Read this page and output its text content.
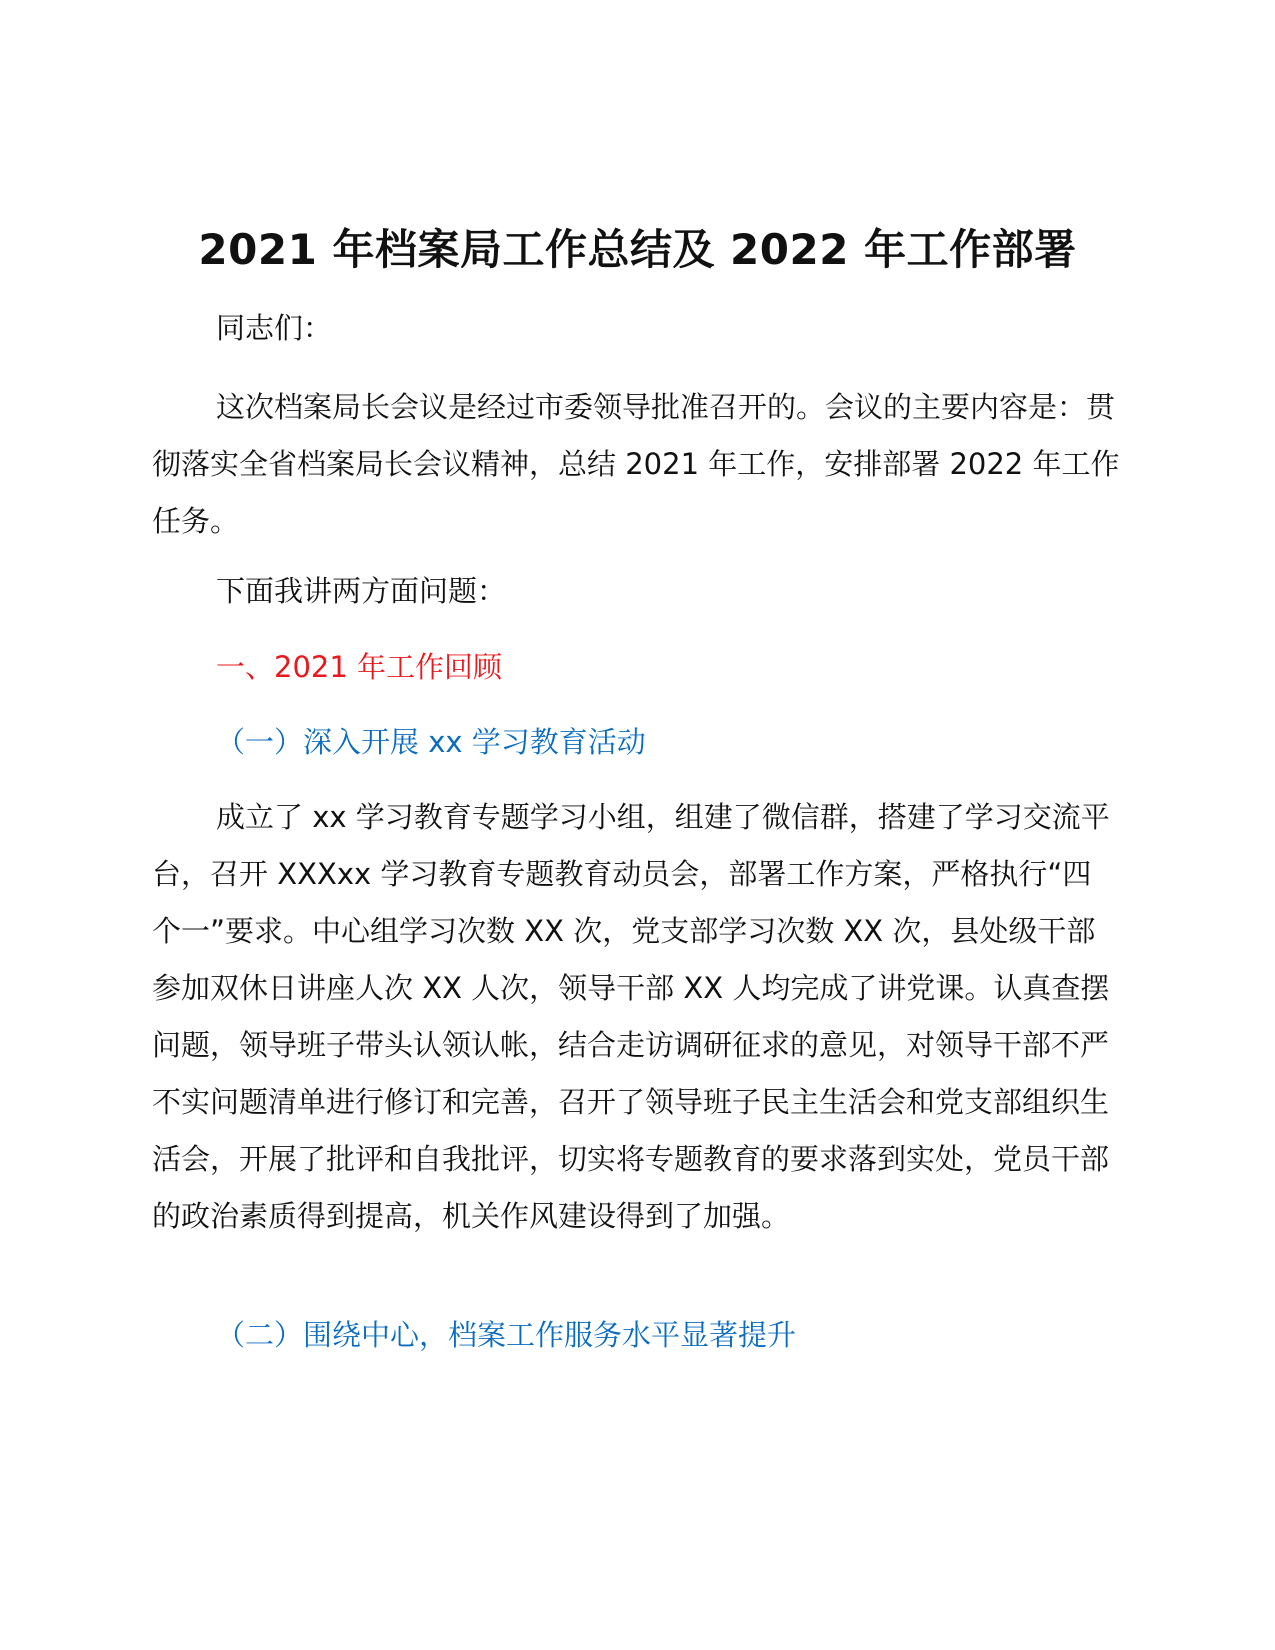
2021 年档案局工作总结及 2022 年工作部署

同志们：

这次档案局长会议是经过市委领导批准召开的。会议的主要内容是：贯彻落实全省档案局长会议精神，总结 2021 年工作，安排部署 2022 年工作任务。

下面我讲两方面问题：

一、2021 年工作回顾

（一）深入开展 xx 学习教育活动

成立了 xx 学习教育专题学习小组，组建了微信群，搭建了学习交流平台，召开 XXXxx 学习教育专题教育动员会，部署工作方案，严格执行“四个一”要求。中心组学习次数 XX 次，党支部学习次数 XX 次，县处级干部参加双休日讲座人次 XX 人次，领导干部 XX 人均完成了讲党课。认真查摆问题，领导班子带头认领认帐，结合走访调研征求的意见，对领导干部不严不实问题清单进行修订和完善，召开了领导班子民主生活会和党支部组织生活会，开展了批评和自我批评，切实将专题教育的要求落到实处，党员干部的政治素质得到提高，机关作风建设得到了加强。

（二）围绕中心，档案工作服务水平显著提升
